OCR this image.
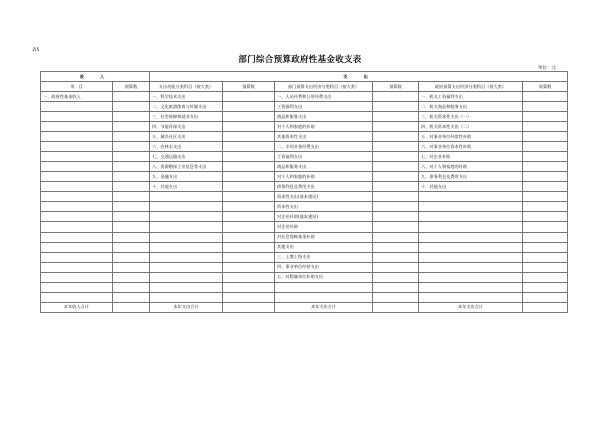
表5
部门综合预算政府性基金收支表
单位：元
收　入		支　出					
项　目	预算数	支出功能分类科目（按大类）	预算数	部门预算支出经济分类科目（按大类）	预算数	政府预算支出经济分类科目（按大类）	预算数
一、政府性基金收入		一、科学技术支出		一、人员经费和公用经费支出		一、机关工资福利支出	
		二、文化旅游体育与传媒支出		工资福利支出		二、机关商品和服务支出	
		三、社会保障和就业支出		商品和服务支出		三、机关资本性支出（一）	
		四、节能环保支出		对个人和家庭的补助		四、机关资本性支出（二）	
		五、城乡社区支出		其他资本性支出		五、对事业单位经常性补助	
		六、农林水支出		二、专项业务经费支出		六、对事业单位资本性补助	
		七、交通运输支出		工资福利支出		七、对企业补助	
		八、资源勘探工业信息等支出		商品和服务支出		八、对个人和家庭的补助	
		九、金融支出		对个人和家庭的补助		九、债务利息及费用支出	
		十、其他支出		债务利息及费用支出		十、其他支出	
				资本性支出(基本建设)			
				资本性支出			
				对企业补助(基本建设)			
				对企业补助			
				对社会保障基金补助			
				其他支出			
				三、上缴上级支出			
				四、事业单位经营支出			
				五、对附属单位补助支出			

本年收入合计		本年支出合计		本年支出合计		本年支出合计	
